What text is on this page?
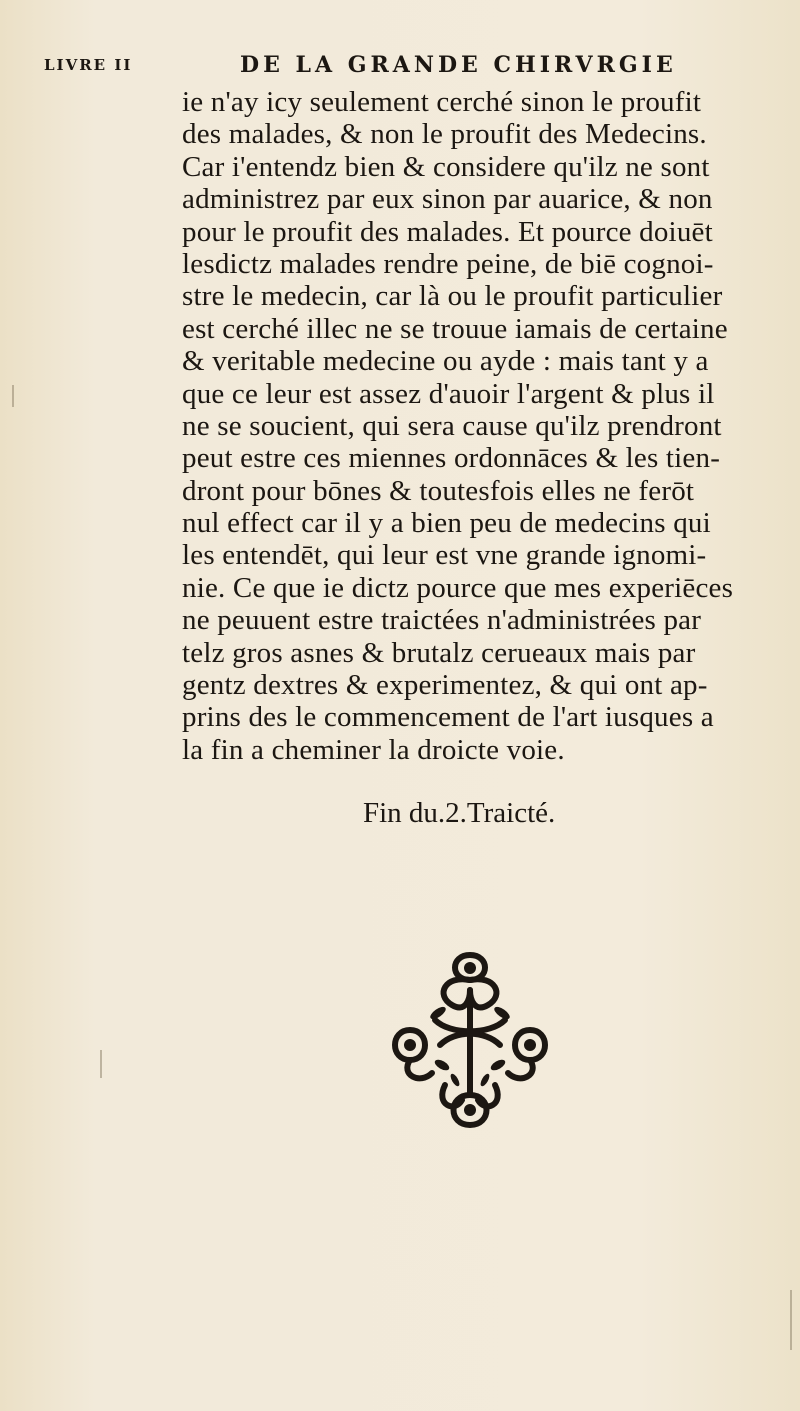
LIVRE II	DE LA GRANDE CHIRVRGIE
ie n'ay icy seulement cerché sinon le proufit
des malades, & non le proufit des Medecins.
Car i'entendz bien & considere qu'ilz ne sont
administrez par eux sinon par auarice, & non
pour le proufit des malades. Et pource doiuēt
lesdictz malades rendre peine, de biē cognoi-
stre le medecin, car là ou le proufit particulier
est cerché illec ne se trouue iamais de certaine
& veritable medecine ou ayde : mais tant y a
que ce leur est assez d'auoir l'argent & plus il
ne se soucient, qui sera cause qu'ilz prendront
peut estre ces miennes ordonnāces & les tien-
dront pour bōnes & toutesfois elles ne ferōt
nul effect car il y a bien peu de medecins qui
les entendēt, qui leur est vne grande ignomi-
nie. Ce que ie dictz pource que mes experiēces
ne peuuent estre traictées n'administrées par
telz gros asnes & brutalz cerueaux mais par
gentz dextres & experimentez, & qui ont ap-
prins des le commencement de l'art iusques a
la fin a cheminer la droicte voie.
Fin du.2.Traicté.
